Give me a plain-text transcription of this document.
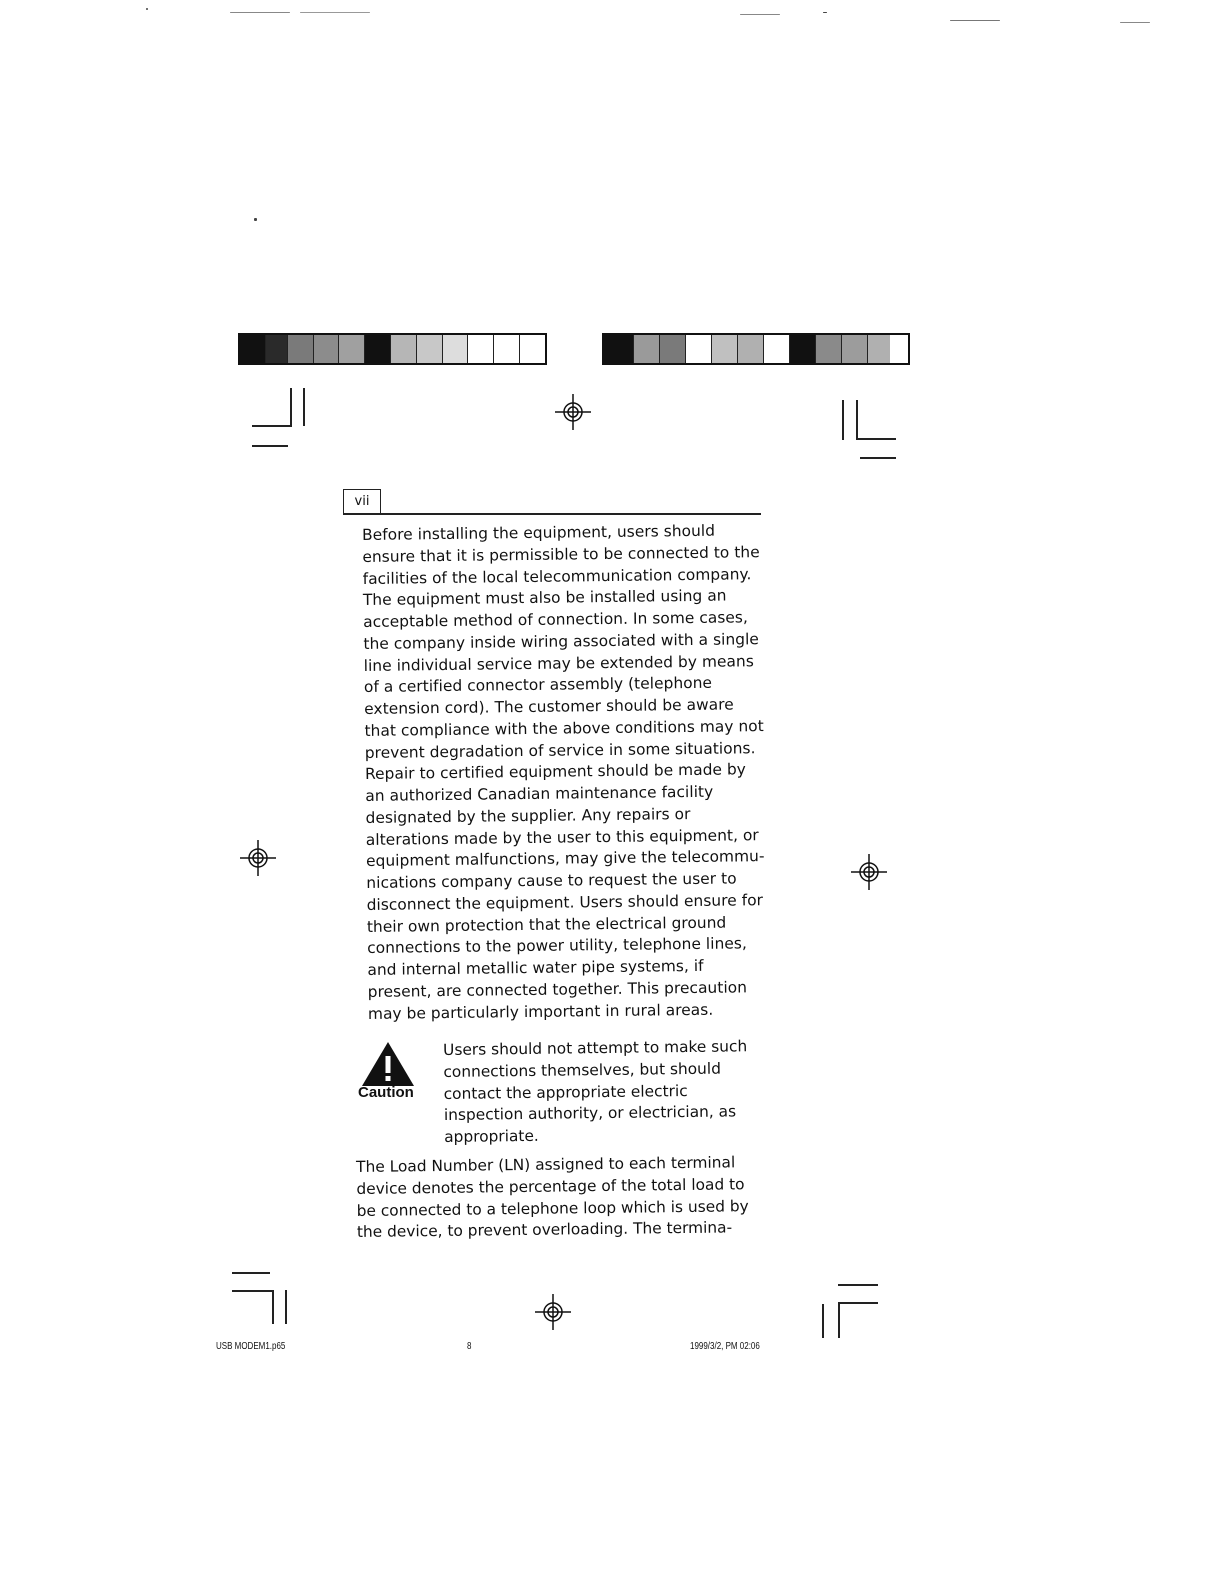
vii

Before installing the equipment, users should ensure that it is permissible to be connected to the facilities of the local telecommunication company. The equipment must also be installed using an acceptable method of connection. In some cases, the company inside wiring associated with a single line individual service may be extended by means of a certified connector assembly (telephone extension cord). The customer should be aware that compliance with the above conditions may not prevent degradation of service in some situations. Repair to certified equipment should be made by an authorized Canadian maintenance facility designated by the supplier. Any repairs or alterations made by the user to this equipment, or equipment malfunctions, may give the telecommu-nications company cause to request the user to disconnect the equipment. Users should ensure for their own protection that the electrical ground connections to the power utility, telephone lines, and internal metallic water pipe systems, if present, are connected together. This precaution may be particularly important in rural areas.

Caution

Users should not attempt to make such connections themselves, but should contact the appropriate electric inspection authority, or electrician, as appropriate.

The Load Number (LN) assigned to each terminal device denotes the percentage of the total load to be connected to a telephone loop which is used by the device, to prevent overloading. The termina-

USB MODEM1.p65	8	1999/3/2, PM 02:06
